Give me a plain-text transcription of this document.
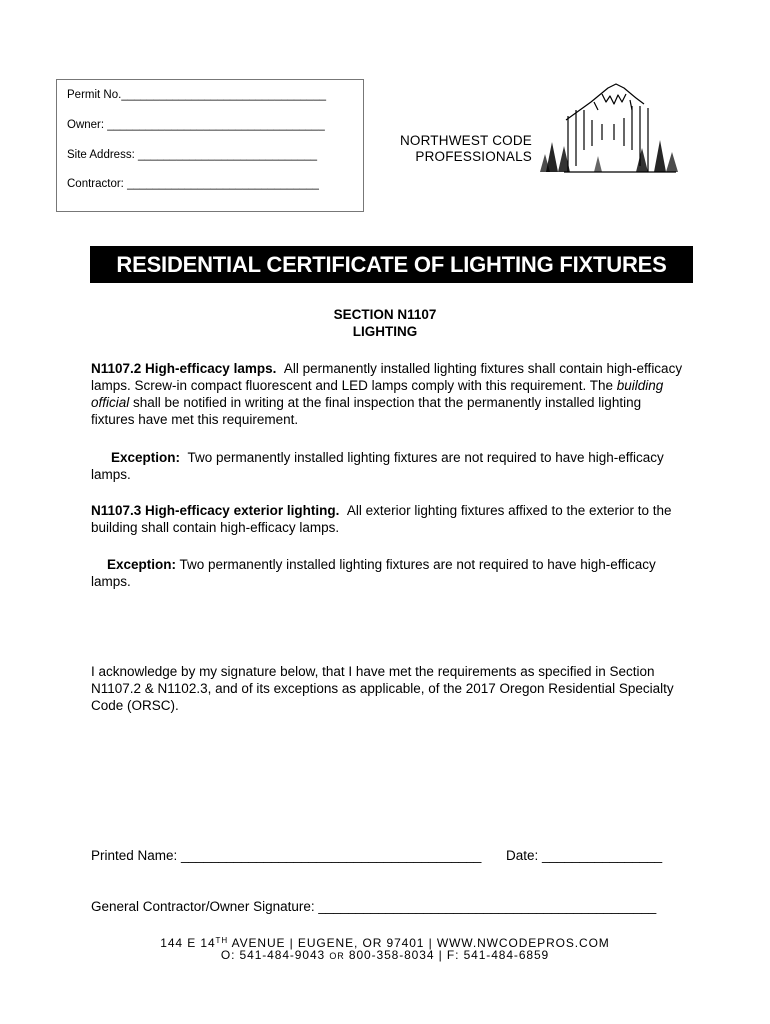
Permit No.________________________________
Owner: __________________________________
Site Address: ____________________________
Contractor: ______________________________
NORTHWEST CODE
PROFESSIONALS
RESIDENTIAL CERTIFICATE OF LIGHTING FIXTURES
SECTION N1107
LIGHTING
N1107.2 High-efficacy lamps. All permanently installed lighting fixtures shall contain high-efficacy lamps. Screw-in compact fluorescent and LED lamps comply with this requirement. The building official shall be notified in writing at the final inspection that the permanently installed lighting fixtures have met this requirement.
Exception: Two permanently installed lighting fixtures are not required to have high-efficacy lamps.
N1107.3 High-efficacy exterior lighting. All exterior lighting fixtures affixed to the exterior to the building shall contain high-efficacy lamps.
Exception: Two permanently installed lighting fixtures are not required to have high-efficacy lamps.
I acknowledge by my signature below, that I have met the requirements as specified in Section N1107.2 & N1102.3, and of its exceptions as applicable, of the 2017 Oregon Residential Specialty Code (ORSC).
Printed Name: ________________________________________ Date: ________________
General Contractor/Owner Signature: _____________________________________________
144 E 14TH AVENUE | EUGENE, OR 97401 | WWW.NWCODEPROS.COM
O: 541-484-9043 OR 800-358-8034 | F: 541-484-6859
